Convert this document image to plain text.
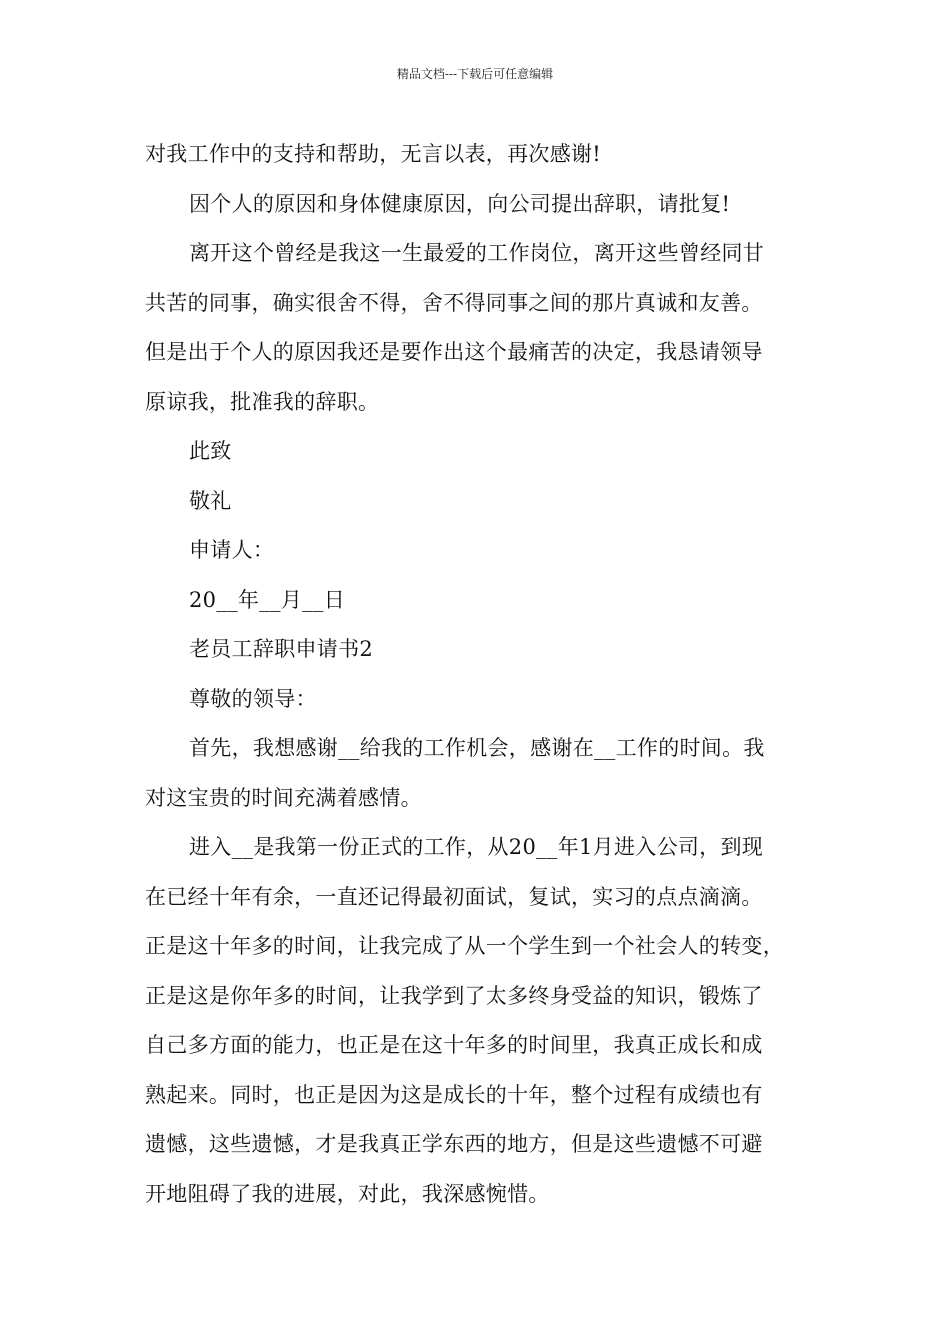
精品文档---下载后可任意编辑
对我工作中的支持和帮助，无言以表，再次感谢!
因个人的原因和身体健康原因，向公司提出辞职，请批复!
离开这个曾经是我这一生最爱的工作岗位，离开这些曾经同甘
共苦的同事，确实很舍不得，舍不得同事之间的那片真诚和友善。
但是出于个人的原因我还是要作出这个最痛苦的决定，我恳请领导
原谅我，批准我的辞职。
此致
敬礼
申请人：
20__年__月__日
老员工辞职申请书2
尊敬的领导：
首先，我想感谢__给我的工作机会，感谢在__工作的时间。我
对这宝贵的时间充满着感情。
进入__是我第一份正式的工作，从20__年1月进入公司，到现
在已经十年有余，一直还记得最初面试，复试，实习的点点滴滴。
正是这十年多的时间，让我完成了从一个学生到一个社会人的转变，
正是这是你年多的时间，让我学到了太多终身受益的知识，锻炼了
自己多方面的能力，也正是在这十年多的时间里，我真正成长和成
熟起来。同时，也正是因为这是成长的十年，整个过程有成绩也有
遗憾，这些遗憾，才是我真正学东西的地方，但是这些遗憾不可避
开地阻碍了我的进展，对此，我深感惋惜。
